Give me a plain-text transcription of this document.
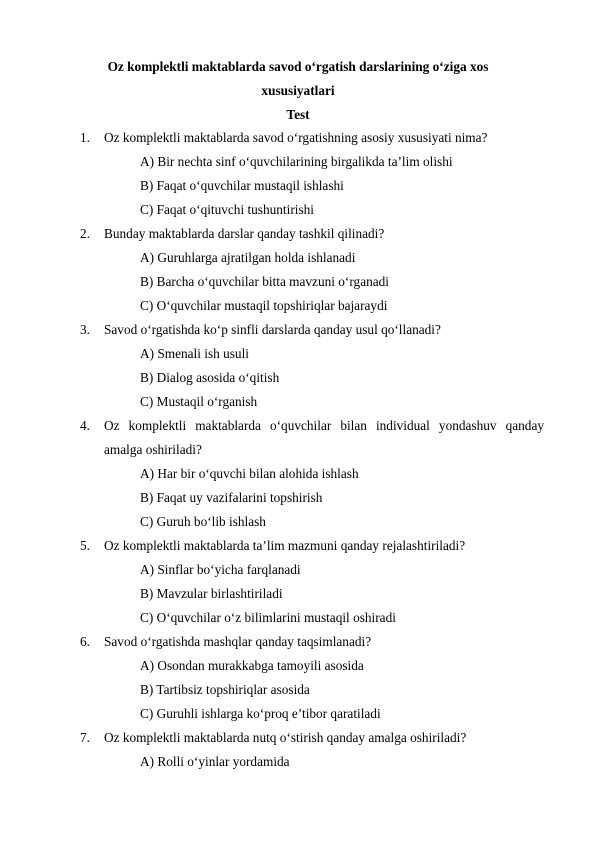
Oz komplektli maktablarda savod o‘rgatish darslarining o‘ziga xos
xususiyatlari
Test
1. Oz komplektli maktablarda savod o‘rgatishning asosiy xususiyati nima?
A) Bir nechta sinf o‘quvchilarining birgalikda ta’lim olishi
B) Faqat o‘quvchilar mustaqil ishlashi
C) Faqat o‘qituvchi tushuntirishi
2. Bunday maktablarda darslar qanday tashkil qilinadi?
A) Guruhlarga ajratilgan holda ishlanadi
B) Barcha o‘quvchilar bitta mavzuni o‘rganadi
C) O‘quvchilar mustaqil topshiriqlar bajaraydi
3. Savod o‘rgatishda ko‘p sinfli darslarda qanday usul qo‘llanadi?
A) Smenali ish usuli
B) Dialog asosida o‘qitish
C) Mustaqil o‘rganish
4. Oz komplektli maktablarda o‘quvchilar bilan individual yondashuv qanday amalga oshiriladi?
A) Har bir o‘quvchi bilan alohida ishlash
B) Faqat uy vazifalarini topshirish
C) Guruh bo‘lib ishlash
5. Oz komplektli maktablarda ta’lim mazmuni qanday rejalashtiriladi?
A) Sinflar bo‘yicha farqlanadi
B) Mavzular birlashtiriladi
C) O‘quvchilar o‘z bilimlarini mustaqil oshiradi
6. Savod o‘rgatishda mashqlar qanday taqsimlanadi?
A) Osondan murakkabga tamoyili asosida
B) Tartibsiz topshiriqlar asosida
C) Guruhli ishlarga ko‘proq e’tibor qaratiladi
7. Oz komplektli maktablarda nutq o‘stirish qanday amalga oshiriladi?
A) Rolli o‘yinlar yordamida
